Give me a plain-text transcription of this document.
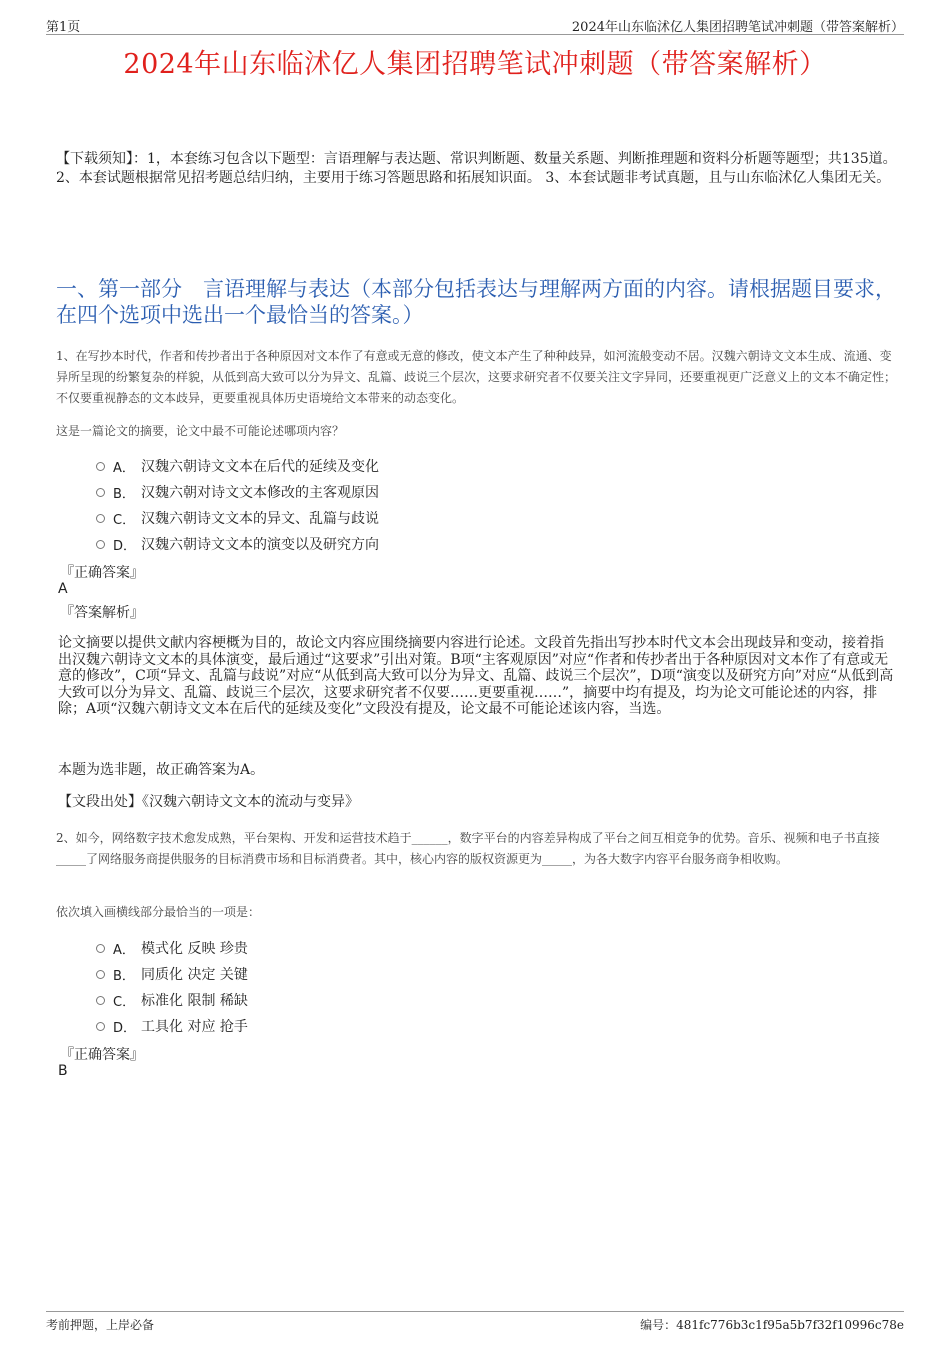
第1页	2024年山东临沭亿人集团招聘笔试冲刺题（带答案解析）
2024年山东临沭亿人集团招聘笔试冲刺题（带答案解析）
【下载须知】：1，本套练习包含以下题型：言语理解与表达题、常识判断题、数量关系题、判断推理题和资料分析题等题型；共135道。 2、本套试题根据常见招考题总结归纳，主要用于练习答题思路和拓展知识面。 3、本套试题非考试真题，且与山东临沭亿人集团无关。
一、第一部分　言语理解与表达（本部分包括表达与理解两方面的内容。请根据题目要求，在四个选项中选出一个最恰当的答案。）
1、在写抄本时代，作者和传抄者出于各种原因对文本作了有意或无意的修改，使文本产生了种种歧异，如河流般变动不居。汉魏六朝诗文文本生成、流通、变异所呈现的纷繁复杂的样貌，从低到高大致可以分为异文、乱篇、歧说三个层次，这要求研究者不仅要关注文字异同，还要重视更广泛意义上的文本不确定性；不仅要重视静态的文本歧异，更要重视具体历史语境给文本带来的动态变化。
这是一篇论文的摘要，论文中最不可能论述哪项内容？
A． 汉魏六朝诗文文本在后代的延续及变化
B． 汉魏六朝对诗文文本修改的主客观原因
C． 汉魏六朝诗文文本的异文、乱篇与歧说
D． 汉魏六朝诗文文本的演变以及研究方向
『正确答案』
A
『答案解析』
论文摘要以提供文献内容梗概为目的，故论文内容应围绕摘要内容进行论述。文段首先指出写抄本时代文本会出现歧异和变动，接着指出汉魏六朝诗文文本的具体演变，最后通过“这要求”引出对策。B项“主客观原因”对应“作者和传抄者出于各种原因对文本作了有意或无意的修改”，C项“异文、乱篇与歧说”对应“从低到高大致可以分为异文、乱篇、歧说三个层次”，D项“演变以及研究方向”对应“从低到高大致可以分为异文、乱篇、歧说三个层次，这要求研究者不仅要……更要重视……”，摘要中均有提及，均为论文可能论述的内容，排除；A项“汉魏六朝诗文文本在后代的延续及变化”文段没有提及，论文最不可能论述该内容，当选。
本题为选非题，故正确答案为A。
【文段出处】《汉魏六朝诗文文本的流动与变异》
2、如今，网络数字技术愈发成熟，平台架构、开发和运营技术趋于______，数字平台的内容差异构成了平台之间互相竞争的优势。音乐、视频和电子书直接_____了网络服务商提供服务的目标消费市场和目标消费者。其中，核心内容的版权资源更为_____，为各大数字内容平台服务商争相收购。
依次填入画横线部分最恰当的一项是：
A． 模式化 反映 珍贵
B． 同质化 决定 关键
C． 标准化 限制 稀缺
D． 工具化 对应 抢手
『正确答案』
B
考前押题，上岸必备	编号：481fc776b3c1f95a5b7f32f10996c78e
